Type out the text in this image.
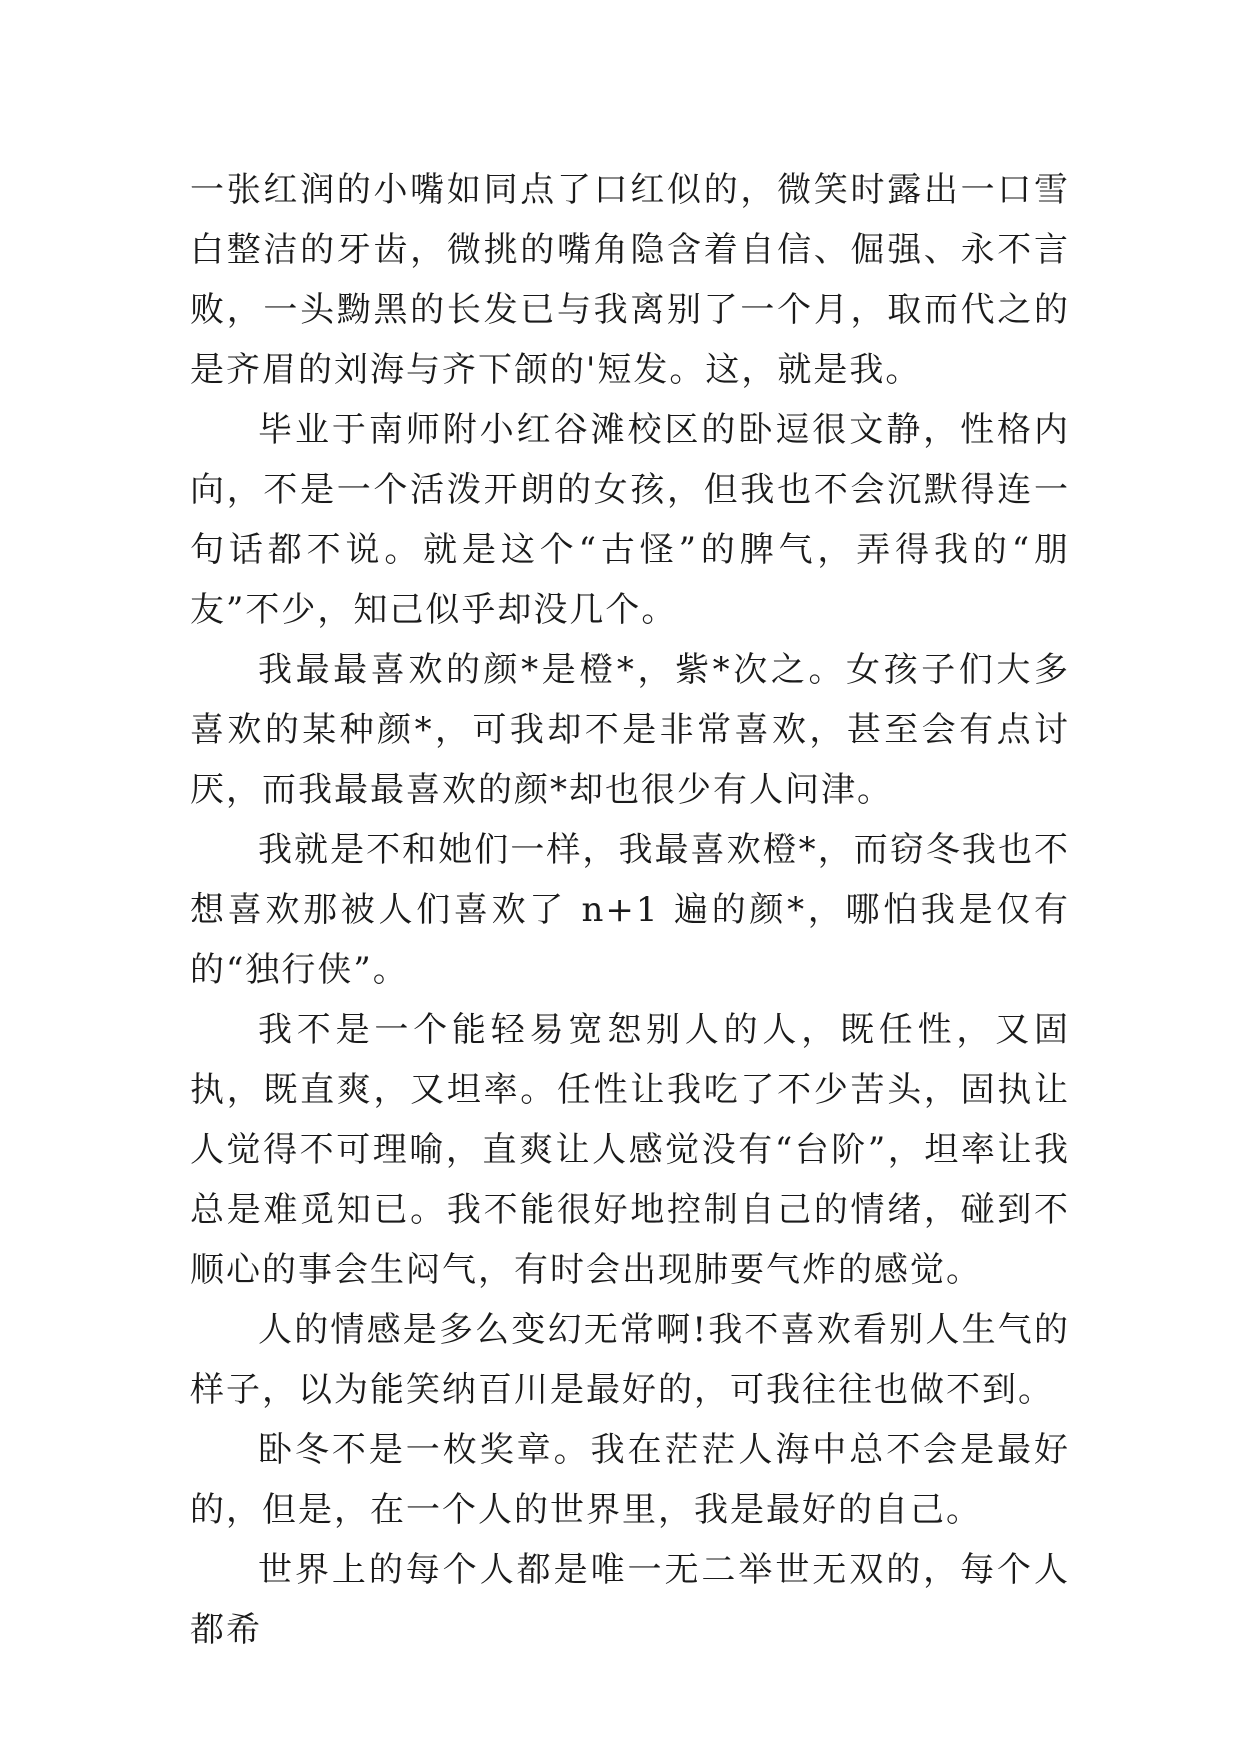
一张红润的小嘴如同点了口红似的，微笑时露出一口雪白整洁的牙齿，微挑的嘴角隐含着自信、倔强、永不言败，一头黝黑的长发已与我离别了一个月，取而代之的是齐眉的刘海与齐下颌的'短发。这，就是我。

毕业于南师附小红谷滩校区的卧逗很文静，性格内向，不是一个活泼开朗的女孩，但我也不会沉默得连一句话都不说。就是这个“古怪”的脾气，弄得我的“朋友”不少，知己似乎却没几个。

我最最喜欢的颜*是橙*，紫*次之。女孩子们大多喜欢的某种颜*，可我却不是非常喜欢，甚至会有点讨厌，而我最最喜欢的颜*却也很少有人问津。

我就是不和她们一样，我最喜欢橙*，而窃冬我也不想喜欢那被人们喜欢了 n+1 遍的颜*，哪怕我是仅有的“独行侠”。

我不是一个能轻易宽恕别人的人，既任性，又固执，既直爽，又坦率。任性让我吃了不少苦头，固执让人觉得不可理喻，直爽让人感觉没有“台阶”，坦率让我总是难觅知已。我不能很好地控制自己的情绪，碰到不顺心的事会生闷气，有时会出现肺要气炸的感觉。

人的情感是多么变幻无常啊!我不喜欢看别人生气的样子，以为能笑纳百川是最好的，可我往往也做不到。

卧冬不是一枚奖章。我在茫茫人海中总不会是最好的，但是，在一个人的世界里，我是最好的自己。

世界上的每个人都是唯一无二举世无双的，每个人都希
